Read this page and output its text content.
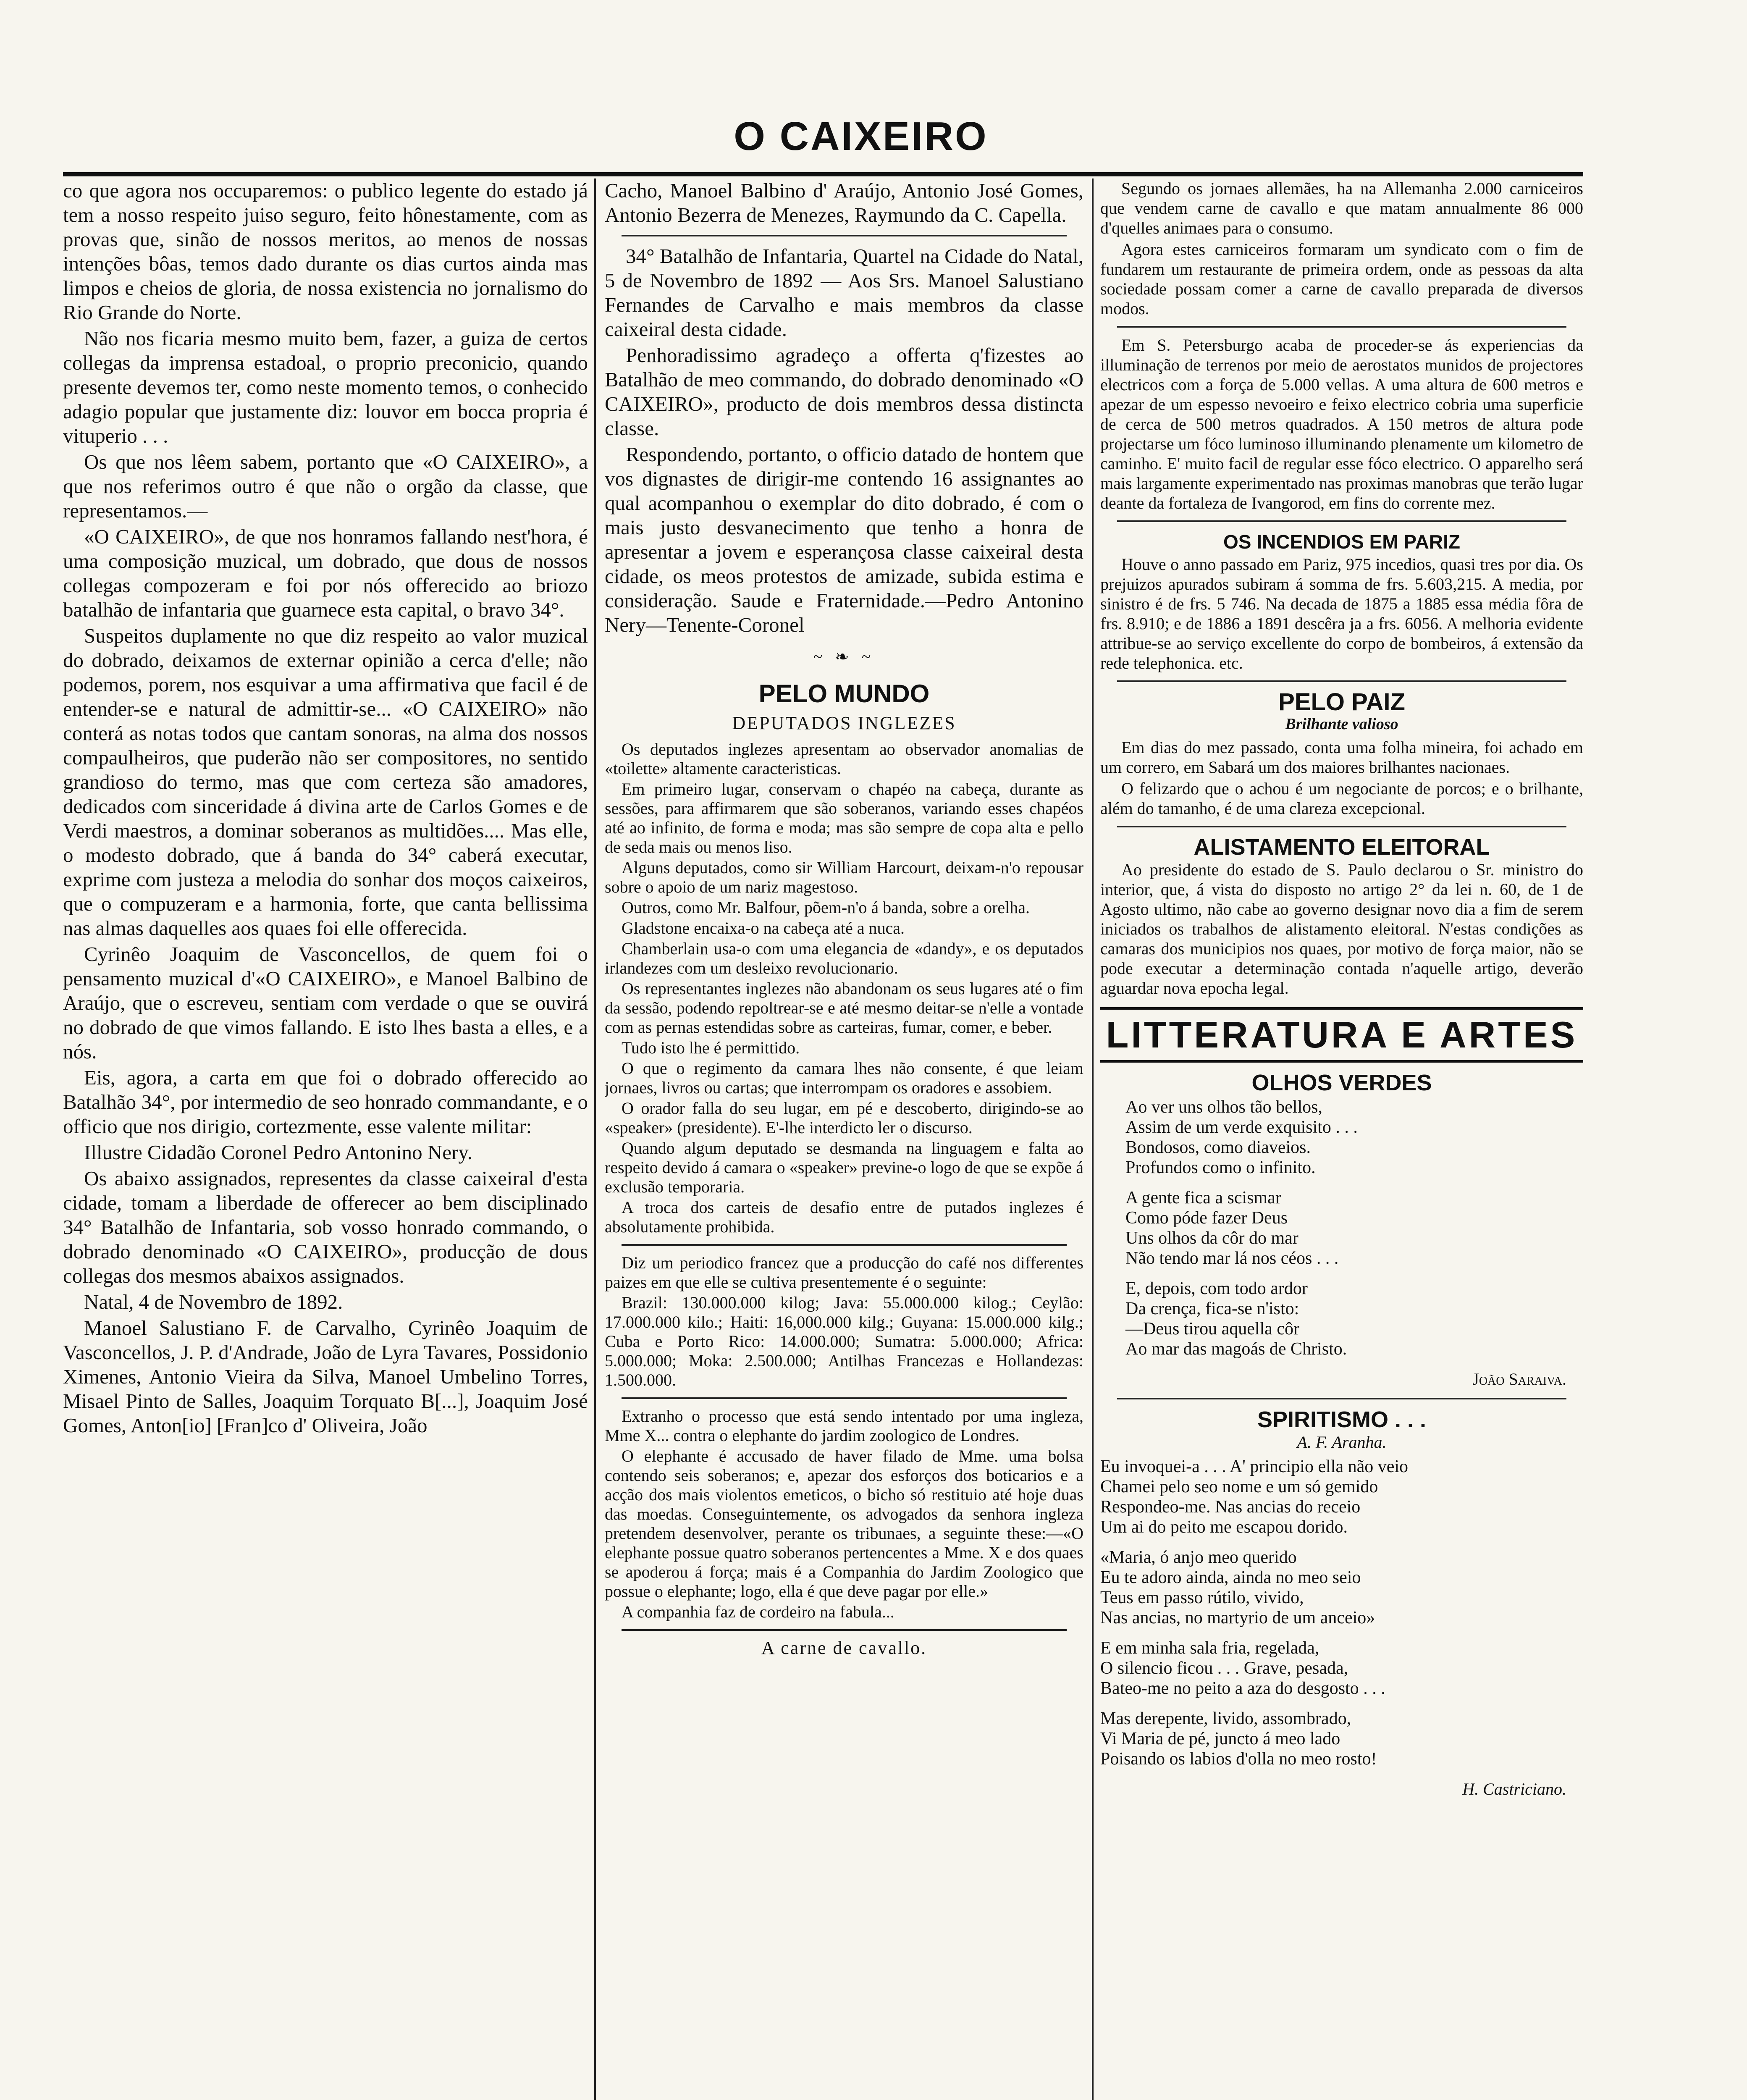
O CAIXEIRO

co que agora nos occuparemos: o publico legente do estado já tem a nosso respeito juiso seguro, feito hônestamente, com as provas que, sinão de nossos meritos, ao menos de nossas intenções bôas, temos dado durante os dias curtos ainda mas limpos e cheios de gloria, de nossa existencia no jornalismo do Rio Grande do Norte.

Não nos ficaria mesmo muito bem, fazer, a guiza de certos collegas da imprensa estadoal, o proprio preconicio, quando presente devemos ter, como neste momento temos, o conhecido adagio popular que justamente diz: louvor em bocca propria é vituperio . . .

Os que nos lêem sabem, portanto que «O CAIXEIRO», a que nos referimos outro é que não o orgão da classe, que representamos.—

«O CAIXEIRO», de que nos honramos fallando nest'hora, é uma composição muzical, um dobrado, que dous de nossos collegas compozeram e foi por nós offerecido ao briozo batalhão de infantaria que guarnece esta capital, o bravo 34°.

Suspeitos duplamente no que diz respeito ao valor muzical do dobrado, deixamos de externar opinião a cerca d'elle; não podemos, porem, nos esquivar a uma affirmativa que facil é de entender-se e natural de admittir-se... «O CAIXEIRO» não conterá as notas todos que cantam sonoras, na alma dos nossos compaulheiros, que puderão não ser compositores, no sentido grandioso do termo, mas que com certeza são amadores, dedicados com sinceridade á divina arte de Carlos Gomes e de Verdi maestros, a dominar soberanos as multidões.... Mas elle, o modesto dobrado, que á banda do 34° caberá executar, exprime com justeza a melodia do sonhar dos moços caixeiros, que o compuzeram e a harmonia, forte, que canta bellissima nas almas daquelles aos quaes foi elle offerecida.

Cyrinêo Joaquim de Vasconcellos, de quem foi o pensamento muzical d'«O CAIXEIRO», e Manoel Balbino de Araújo, que o escreveu, sentiam com verdade o que se ouvirá no dobrado de que vimos fallando. E isto lhes basta a elles, e a nós.

Eis, agora, a carta em que foi o dobrado offerecido ao Batalhão 34°, por intermedio de seo honrado commandante, e o officio que nos dirigio, cortezmente, esse valente militar:

Illustre Cidadão Coronel Pedro Antonino Nery.

Os abaixo assignados, representes da classe caixeiral d'esta cidade, tomam a liberdade de offerecer ao bem disciplinado 34° Batalhão de Infantaria, sob vosso honrado commando, o dobrado denominado «O CAIXEIRO», producção de dous collegas dos mesmos abaixos assignados.

Natal, 4 de Novembro de 1892.

Manoel Salustiano F. de Carvalho, Cyrinêo Joaquim de Vasconcellos, J. P. d'Andrade, João de Lyra Tavares, Possidonio Ximenes, Antonio Vieira da Silva, Manoel Umbelino Torres, Misael Pinto de Salles, Joaquim Torquato B[...], Joaquim José Gomes, Anton[io] [Fran]co d' Oliveira, João

Cacho, Manoel Balbino d' Araújo, Antonio José Gomes, Antonio Bezerra de Menezes, Raymundo da C. Capella.

34° Batalhão de Infantaria, Quartel na Cidade do Natal, 5 de Novembro de 1892 — Aos Srs. Manoel Salustiano Fernandes de Carvalho e mais membros da classe caixeiral desta cidade.

Penhoradissimo agradeço a offerta q'fizestes ao Batalhão de meo commando, do dobrado denominado «O CAIXEIRO», producto de dois membros dessa distincta classe.

Respondendo, portanto, o officio datado de hontem que vos dignastes de dirigir-me contendo 16 assignantes ao qual acompanhou o exemplar do dito dobrado, é com o mais justo desvanecimento que tenho a honra de apresentar a jovem e esperançosa classe caixeiral desta cidade, os meos protestos de amizade, subida estima e consideração. Saude e Fraternidade.—Pedro Antonino Nery—Tenente-Coronel

~ ❧ ~
PELO MUNDO
DEPUTADOS INGLEZES

Os deputados inglezes apresentam ao observador anomalias de «toilette» altamente caracteristicas.

Em primeiro lugar, conservam o chapéo na cabeça, durante as sessões, para affirmarem que são soberanos, variando esses chapéos até ao infinito, de forma e moda; mas são sempre de copa alta e pello de seda mais ou menos liso.

Alguns deputados, como sir William Harcourt, deixam-n'o repousar sobre o apoio de um nariz magestoso.

Outros, como Mr. Balfour, põem-n'o á banda, sobre a orelha.

Gladstone encaixa-o na cabeça até a nuca.

Chamberlain usa-o com uma elegancia de «dandy», e os deputados irlandezes com um desleixo revolucionario.

Os representantes inglezes não abandonam os seus lugares até o fim da sessão, podendo repoltrear-se e até mesmo deitar-se n'elle a vontade com as pernas estendidas sobre as carteiras, fumar, comer, e beber.

Tudo isto lhe é permittido.

O que o regimento da camara lhes não consente, é que leiam jornaes, livros ou cartas; que interrompam os oradores e assobiem.

O orador falla do seu lugar, em pé e descoberto, dirigindo-se ao «speaker» (presidente). E'-lhe interdicto ler o discurso.

Quando algum deputado se desmanda na linguagem e falta ao respeito devido á camara o «speaker» previne-o logo de que se expõe á exclusão temporaria.

A troca dos carteis de desafio entre de putados inglezes é absolutamente prohibida.

Diz um periodico francez que a producção do café nos differentes paizes em que elle se cultiva presentemente é o seguinte:

Brazil: 130.000.000 kilog; Java: 55.000.000 kilog.; Ceylão: 17.000.000 kilo.; Haiti: 16,000.000 kilg.; Guyana: 15.000.000 kilg.; Cuba e Porto Rico: 14.000.000; Sumatra: 5.000.000; Africa: 5.000.000; Moka: 2.500.000; Antilhas Francezas e Hollandezas: 1.500.000.

Extranho o processo que está sendo intentado por uma ingleza, Mme X... contra o elephante do jardim zoologico de Londres.

O elephante é accusado de haver filado de Mme. uma bolsa contendo seis soberanos; e, apezar dos esforços dos boticarios e a acção dos mais violentos emeticos, o bicho só restituio até hoje duas das moedas. Conseguintemente, os advogados da senhora ingleza pretendem desenvolver, perante os tribunaes, a seguinte these:—«O elephante possue quatro soberanos pertencentes a Mme. X e dos quaes se apoderou á força; mais é a Companhia do Jardim Zoologico que possue o elephante; logo, ella é que deve pagar por elle.»

A companhia faz de cordeiro na fabula...

A carne de cavallo.

Segundo os jornaes allemães, ha na Allemanha 2.000 carniceiros que vendem carne de cavallo e que matam annualmente 86 000 d'quelles animaes para o consumo.

Agora estes carniceiros formaram um syndicato com o fim de fundarem um restaurante de primeira ordem, onde as pessoas da alta sociedade possam comer a carne de cavallo preparada de diversos modos.

Em S. Petersburgo acaba de proceder-se ás experiencias da illuminação de terrenos por meio de aerostatos munidos de projectores electricos com a força de 5.000 vellas. A uma altura de 600 metros e apezar de um espesso nevoeiro e feixo electrico cobria uma superficie de cerca de 500 metros quadrados. A 150 metros de altura pode projectarse um fóco luminoso illuminando plenamente um kilometro de caminho. E' muito facil de regular esse fóco electrico. O apparelho será mais largamente experimentado nas proximas manobras que terão lugar deante da fortaleza de Ivangorod, em fins do corrente mez.

OS INCENDIOS EM PARIZ

Houve o anno passado em Pariz, 975 incedios, quasi tres por dia. Os prejuizos apurados subiram á somma de frs. 5.603,215. A media, por sinistro é de frs. 5 746. Na decada de 1875 a 1885 essa média fôra de frs. 8.910; e de 1886 a 1891 descêra ja a frs. 6056. A melhoria evidente attribue-se ao serviço excellente do corpo de bombeiros, á extensão da rede telephonica. etc.

PELO PAIZ
Brilhante valioso

Em dias do mez passado, conta uma folha mineira, foi achado em um correго, em Sabará um dos maiores brilhantes nacionaes.

O felizardo que o achou é um negociante de porcos; e o brilhante, além do tamanho, é de uma clareza excepcional.

ALISTAMENTO ELEITORAL

Ao presidente do estado de S. Paulo declarou o Sr. ministro do interior, que, á vista do disposto no artigo 2° da lei n. 60, de 1 de Agosto ultimo, não cabe ao governo designar novo dia a fim de serem iniciados os trabalhos de alistamento eleitoral. N'estas condições as camaras dos municipios nos quaes, por motivo de força maior, não se pode executar a determinação contada n'aquelle artigo, deverão aguardar nova epocha legal.

LITTERATURA E ARTES
OLHOS VERDES
Ao ver uns olhos tão bellos,
Assim de um verde exquisito . . .
Bondosos, como diaveios.
Profundos como o infinito.
A gente fica a scismar
Como póde fazer Deus
Uns olhos da côr do mar
Não tendo mar lá nos céos . . .
E, depois, com todo ardor
Da crença, fica-se n'isto:
—Deus tirou aquella côr
Ao mar das magoás de Christo.
João Saraiva.
SPIRITISMO . . .
A. F. Aranha.
Eu invoquei-a . . . A' principio ella não veio
Chamei pelo seo nome e um só gemido
Respondeo-me. Nas ancias do receio
Um ai do peito me escapou dorido.
«Maria, ó anjo meo querido
Eu te adoro ainda, ainda no meo seio
Teus em passo rútilo, vivido,
Nas ancias, no martyrio de um anceio»
E em minha sala fria, regelada,
O silencio ficou . . . Grave, pesada,
Bateo-me no peito a aza do desgosto . . .
Mas derepente, livido, assombrado,
Vi Maria de pé, juncto á meo lado
Poisando os labios d'olla no meo rosto!
H. Castriciano.
